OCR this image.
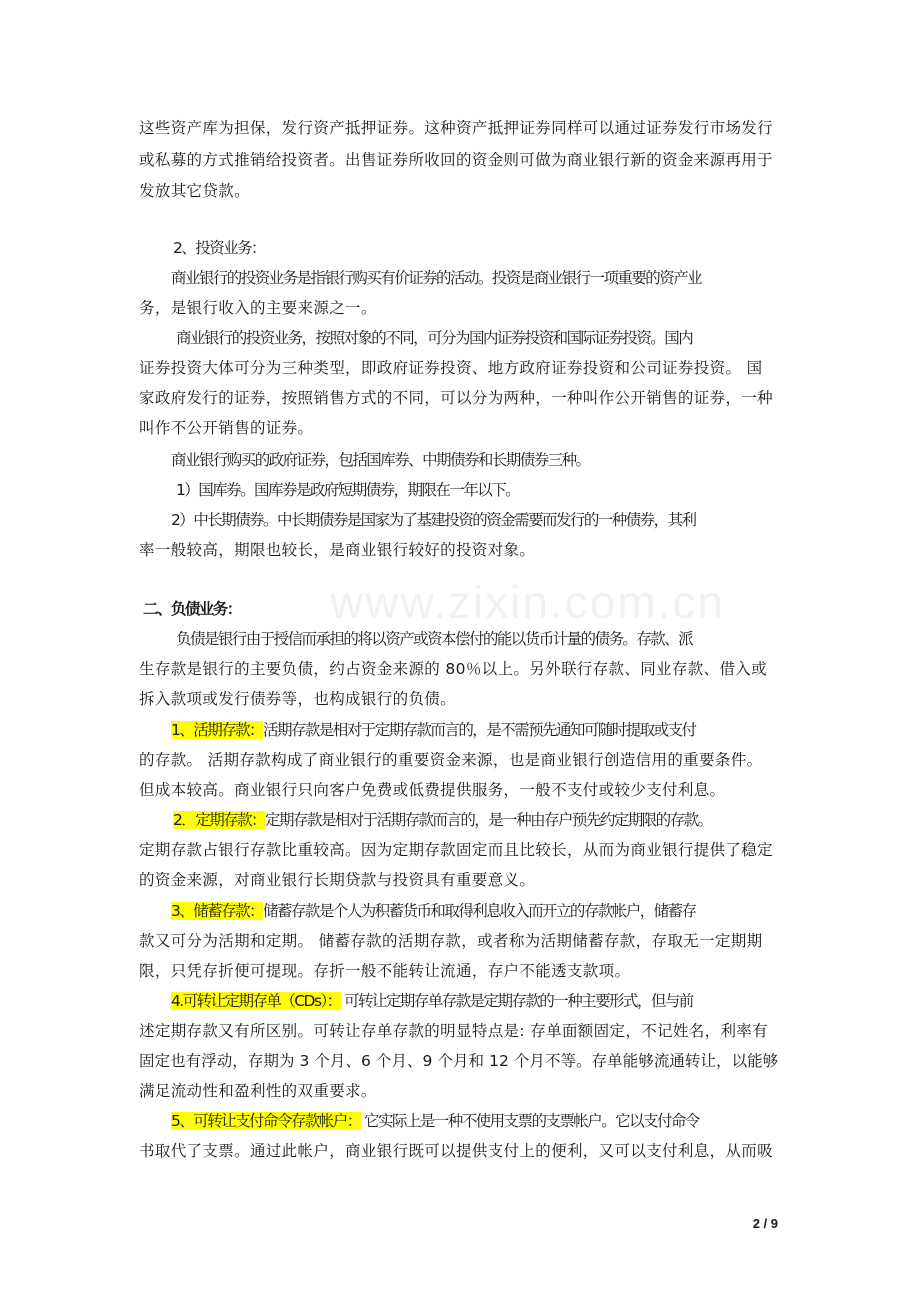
www.zixin.com.cn
这些资产库为担保，发行资产抵押证券。这种资产抵押证券同样可以通过证券发行市场发行
或私募的方式推销给投资者。出售证券所收回的资金则可做为商业银行新的资金来源再用于
发放其它贷款。
2、投资业务：
商业银行的投资业务是指银行购买有价证券的活动。投资是商业银行一项重要的资产业
务，是银行收入的主要来源之一。
商业银行的投资业务，按照对象的不同，可分为国内证券投资和国际证券投资。国内
证券投资大体可分为三种类型，即政府证券投资、地方政府证券投资和公司证券投资。 国
家政府发行的证券，按照销售方式的不同，可以分为两种，一种叫作公开销售的证券，一种
叫作不公开销售的证券。
商业银行购买的政府证券，包括国库券、中期债券和长期债券三种。
1）国库券。国库券是政府短期债券，期限在一年以下。
2）中长期债券。中长期债券是国家为了基建投资的资金需要而发行的一种债券，其利
率一般较高，期限也较长，是商业银行较好的投资对象。
二、负债业务：
负债是银行由于授信而承担的将以资产或资本偿付的能以货币计量的债务。存款、派
生存款是银行的主要负债，约占资金来源的 80％以上。另外联行存款、同业存款、借入或
拆入款项或发行债券等，也构成银行的负债。
1、活期存款：活期存款是相对于定期存款而言的，是不需预先通知可随时提取或支付
的存款。 活期存款构成了商业银行的重要资金来源，也是商业银行创造信用的重要条件。
但成本较高。商业银行只向客户免费或低费提供服务，一般不支付或较少支付利息。
2．定期存款：定期存款是相对于活期存款而言的，是一种由存户预先约定期限的存款。
定期存款占银行存款比重较高。因为定期存款固定而且比较长，从而为商业银行提供了稳定
的资金来源，对商业银行长期贷款与投资具有重要意义。
3、储蓄存款：储蓄存款是个人为积蓄货币和取得利息收入而开立的存款帐户，储蓄存
款又可分为活期和定期。 储蓄存款的活期存款，或者称为活期储蓄存款，存取无一定期期
限，只凭存折便可提现。存折一般不能转让流通，存户不能透支款项。
4.可转让定期存单（CDs）： 可转让定期存单存款是定期存款的一种主要形式，但与前
述定期存款又有所区别。可转让存单存款的明显特点是: 存单面额固定，不记姓名，利率有
固定也有浮动，存期为 3 个月、6 个月、9 个月和 12 个月不等。存单能够流通转让，以能够
满足流动性和盈利性的双重要求。
5、可转让支付命令存款帐户： 它实际上是一种不使用支票的支票帐户。它以支付命令
书取代了支票。通过此帐户，商业银行既可以提供支付上的便利，又可以支付利息，从而吸
2 / 9
